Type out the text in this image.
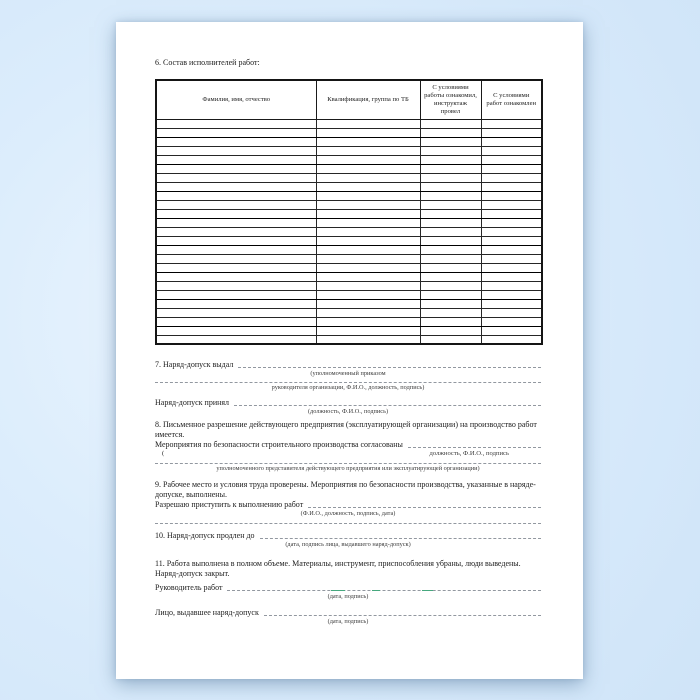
6. Состав исполнителей работ:
Фамилия, имя, отчество	Квалификация, группа по ТБ	С условиями работы ознакомил, инструктаж провел	С условиями работ ознакомлен

7. Наряд-допуск выдал
(уполномоченный приказом
руководителя организации, Ф.И.О., должность, подпись)
Наряд-допуск принял
(должность, Ф.И.О., подпись)
8. Письменное разрешение действующего предприятия (эксплуатирующей организации) на производство работ имеется.
Мероприятия по безопасности строительного производства согласованы
(	должность, Ф.И.О., подпись
уполномоченного представителя действующего предприятия или эксплуатирующей организации)
9. Рабочее место и условия труда проверены. Мероприятия по безопасности производства, указанные в наряде-допуске, выполнены.
Разрешаю приступить к выполнению работ
(Ф.И.О., должность, подпись, дата)
10. Наряд-допуск продлен до
(дата, подпись лица, выдавшего наряд-допуск)
11. Работа выполнена в полном объеме. Материалы, инструмент, приспособления убраны, люди выведены.
Наряд-допуск закрыт.
Руководитель работ
(дата, подпись)
Лицо, выдавшее наряд-допуск
(дата, подпись)
